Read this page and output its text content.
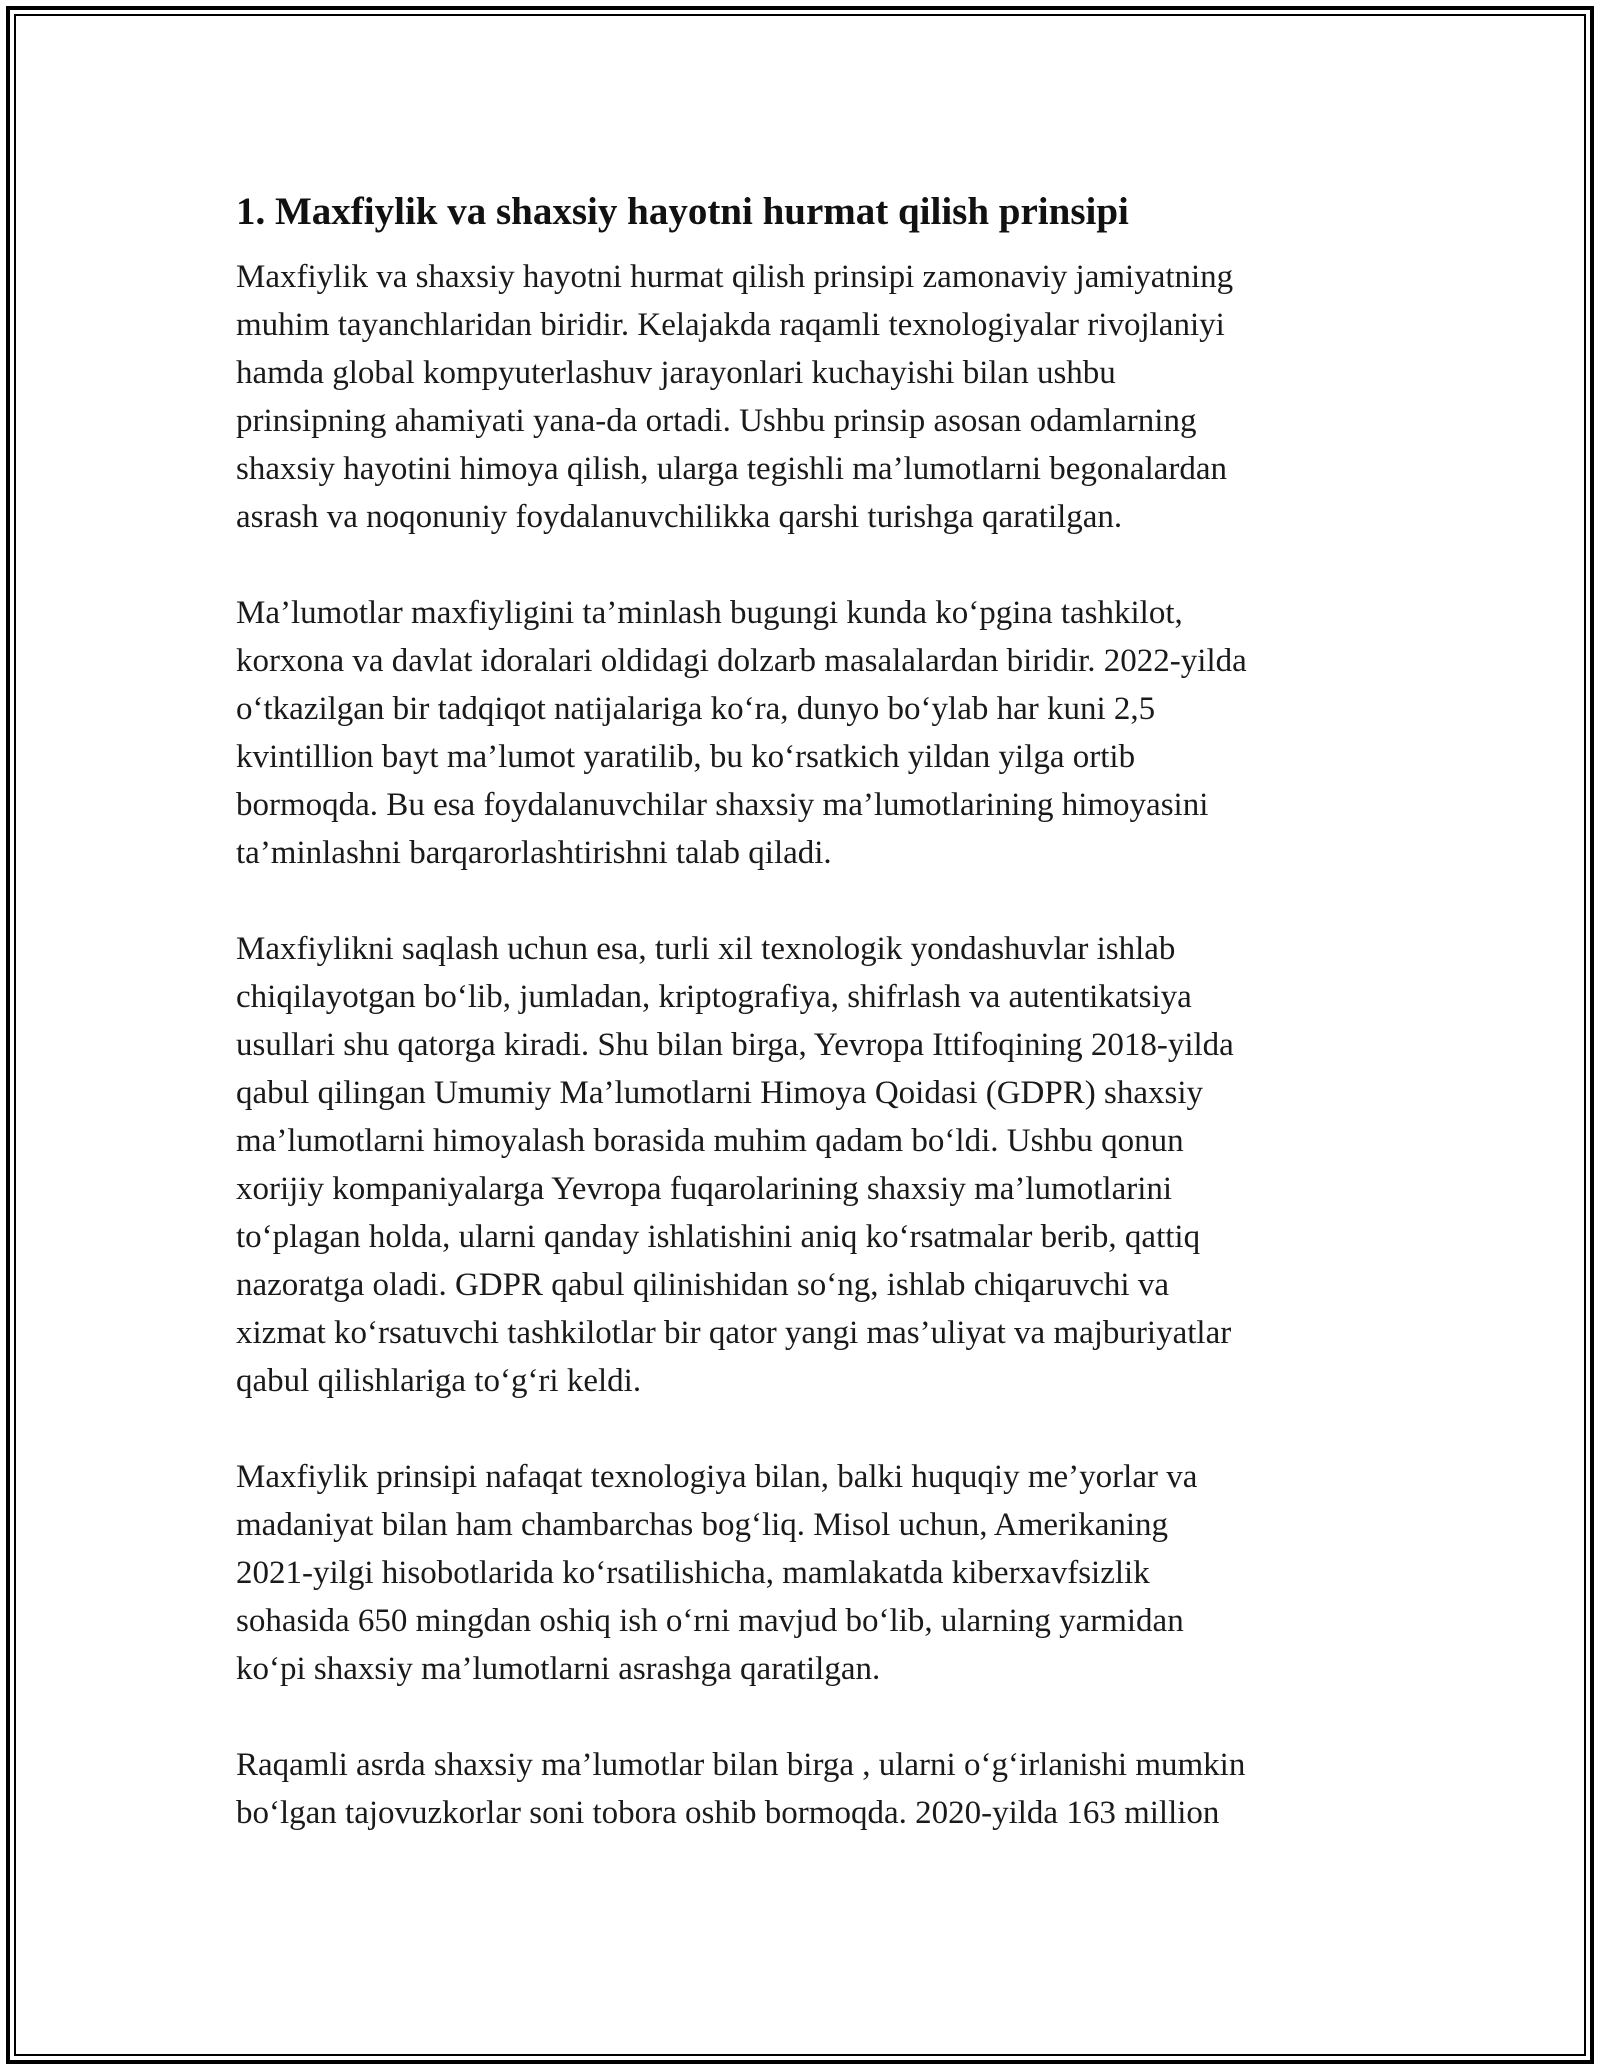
1. Maxfiylik va shaxsiy hayotni hurmat qilish prinsipi

Maxfiylik va shaxsiy hayotni hurmat qilish prinsipi zamonaviy jamiyatning
muhim tayanchlaridan biridir. Kelajakda raqamli texnologiyalar rivojlaniyi
hamda global kompyuterlashuv jarayonlari kuchayishi bilan ushbu
prinsipning ahamiyati yana-da ortadi. Ushbu prinsip asosan odamlarning
shaxsiy hayotini himoya qilish, ularga tegishli ma’lumotlarni begonalardan
asrash va noqonuniy foydalanuvchilikka qarshi turishga qaratilgan.

Ma’lumotlar maxfiyligini ta’minlash bugungi kunda ko‘pgina tashkilot,
korxona va davlat idoralari oldidagi dolzarb masalalardan biridir. 2022-yilda
o‘tkazilgan bir tadqiqot natijalariga ko‘ra, dunyo bo‘ylab har kuni 2,5
kvintillion bayt ma’lumot yaratilib, bu ko‘rsatkich yildan yilga ortib
bormoqda. Bu esa foydalanuvchilar shaxsiy ma’lumotlarining himoyasini
ta’minlashni barqarorlashtirishni talab qiladi.

Maxfiylikni saqlash uchun esa, turli xil texnologik yondashuvlar ishlab
chiqilayotgan bo‘lib, jumladan, kriptografiya, shifrlash va autentikatsiya
usullari shu qatorga kiradi. Shu bilan birga, Yevropa Ittifoqining 2018-yilda
qabul qilingan Umumiy Ma’lumotlarni Himoya Qoidasi (GDPR) shaxsiy
ma’lumotlarni himoyalash borasida muhim qadam bo‘ldi. Ushbu qonun
xorijiy kompaniyalarga Yevropa fuqarolarining shaxsiy ma’lumotlarini
to‘plagan holda, ularni qanday ishlatishini aniq ko‘rsatmalar berib, qattiq
nazoratga oladi. GDPR qabul qilinishidan so‘ng, ishlab chiqaruvchi va
xizmat ko‘rsatuvchi tashkilotlar bir qator yangi mas’uliyat va majburiyatlar
qabul qilishlariga to‘g‘ri keldi.

Maxfiylik prinsipi nafaqat texnologiya bilan, balki huquqiy me’yorlar va
madaniyat bilan ham chambarchas bog‘liq. Misol uchun, Amerikaning
2021-yilgi hisobotlarida ko‘rsatilishicha, mamlakatda kiberxavfsizlik
sohasida 650 mingdan oshiq ish o‘rni mavjud bo‘lib, ularning yarmidan
ko‘pi shaxsiy ma’lumotlarni asrashga qaratilgan.

Raqamli asrda shaxsiy ma’lumotlar bilan birga , ularni o‘g‘irlanishi mumkin
bo‘lgan tajovuzkorlar soni tobora oshib bormoqda. 2020-yilda 163 million
